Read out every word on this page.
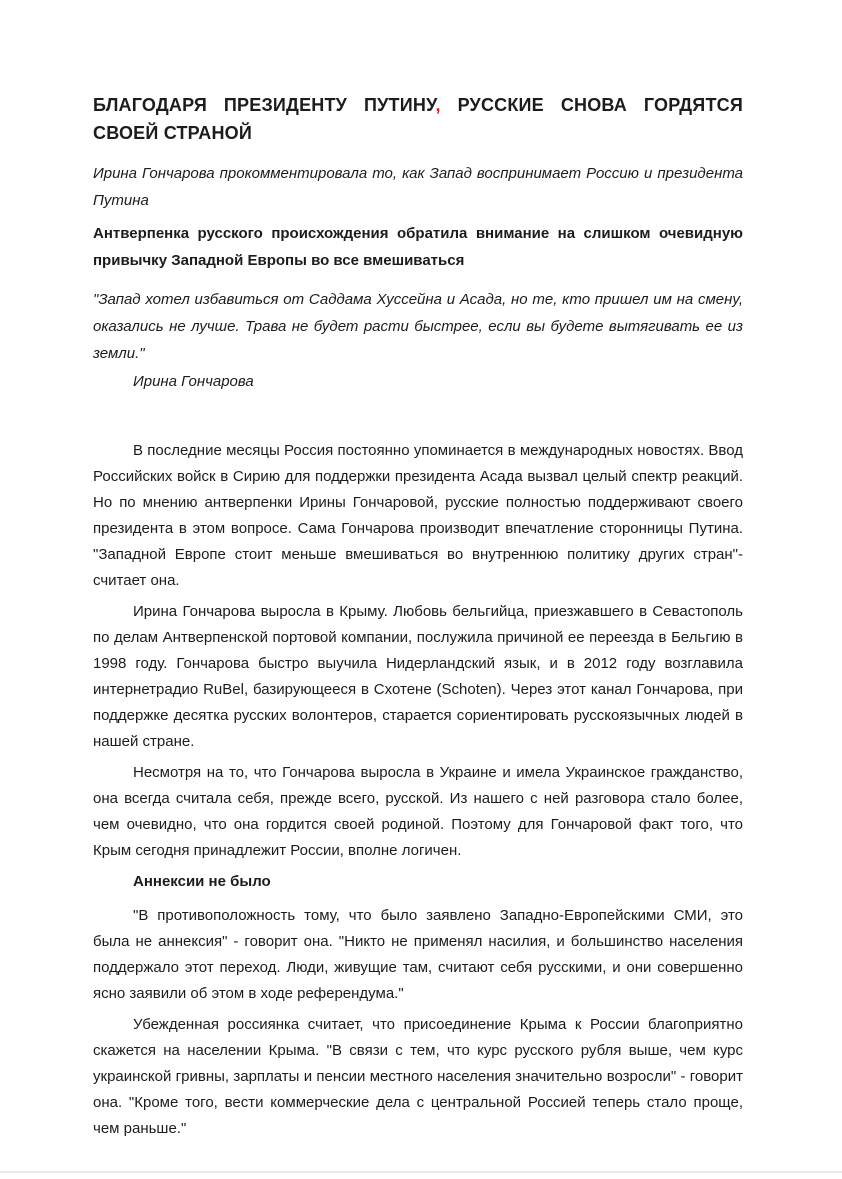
БЛАГОДАРЯ ПРЕЗИДЕНТУ ПУТИНУ, РУССКИЕ СНОВА ГОРДЯТСЯ СВОЕЙ СТРАНОЙ

Ирина Гончарова прокомментировала то, как Запад воспринимает Россию и президента Путина

Антверпенка русского происхождения обратила внимание на слишком очевидную привычку Западной Европы во все вмешиваться

"Запад хотел избавиться от Саддама Хуссейна и Асада, но те, кто пришел им на смену, оказались не лучше. Трава не будет расти быстрее, если вы будете вытягивать ее из земли."

Ирина Гончарова

В последние месяцы Россия постоянно упоминается в международных новостях. Ввод Российских войск в Сирию для поддержки президента Асада вызвал целый спектр реакций. Но по мнению антверпенки Ирины Гончаровой, русские полностью поддерживают своего президента в этом вопросе. Сама Гончарова производит впечатление сторонницы Путина. "Западной Европе стоит меньше вмешиваться во внутреннюю политику других стран"- считает она.

Ирина Гончарова выросла в Крыму. Любовь бельгийца, приезжавшего в Севастополь по делам Антверпенской портовой компании, послужила причиной ее переезда в Бельгию в 1998 году. Гончарова быстро выучила Нидерландский язык, и в 2012 году возглавила интернетрадио RuBel, базирующееся в Схотене (Schoten). Через этот канал Гончарова, при поддержке десятка русских волонтеров, старается сориентировать русскоязычных людей в нашей стране.

Несмотря на то, что Гончарова выросла в Украине и имела Украинское гражданство, она всегда считала себя, прежде всего, русской. Из нашего с ней разговора стало более, чем очевидно, что она гордится своей родиной. Поэтому для Гончаровой факт того, что Крым сегодня принадлежит России, вполне логичен.

Аннексии не было

"В противоположность тому, что было заявлено Западно-Европейскими СМИ, это была не аннексия" - говорит она. "Никто не применял насилия, и большинство населения поддержало этот переход. Люди, живущие там, считают себя русскими, и они совершенно ясно заявили об этом в ходе референдума."

Убежденная россиянка считает, что присоединение Крыма к России благоприятно скажется на населении Крыма. "В связи с тем, что курс русского рубля выше, чем курс украинской гривны, зарплаты и пенсии местного населения значительно возросли" - говорит она. "Кроме того, вести коммерческие дела с центральной Россией теперь стало проще, чем раньше."
